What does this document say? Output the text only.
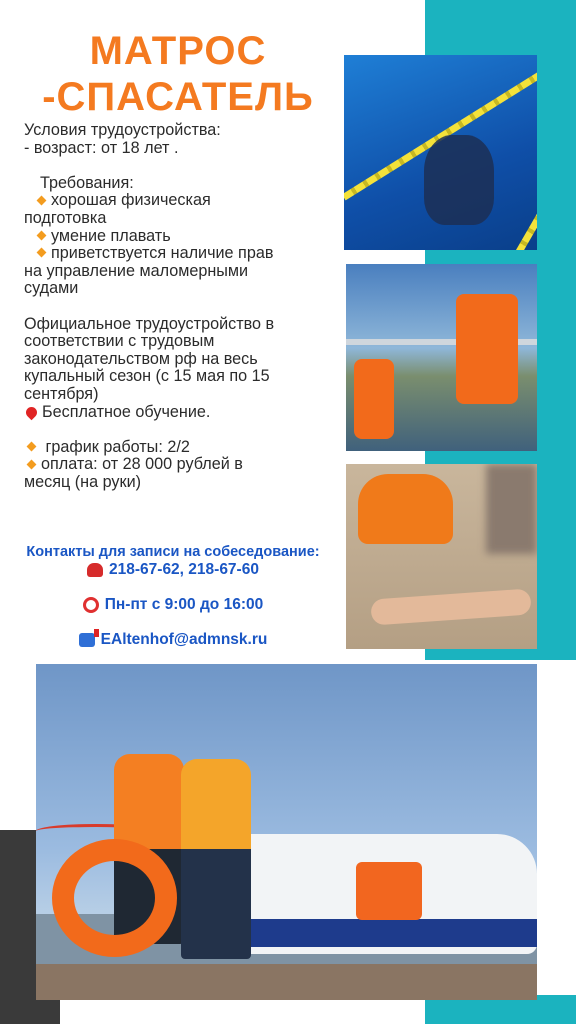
МАТРОС
-СПАСАТЕЛЬ
Условия трудоустройства:
- возраст: от 18 лет .
Требования:
хорошая физическая
подготовка
умение плавать
приветствуется наличие прав
на управление маломерными
судами
Официальное трудоустройство в
соответствии с трудовым
законодательством рф на весь
купальный сезон (с 15 мая по 15
сентября)
Бесплатное обучение.
график работы: 2/2
оплата: от 28 000 рублей в
месяц (на руки)
Контакты для записи на собеседование:
218-67-62, 218-67-60
Пн-пт с 9:00 до 16:00
EAltenhof@admnsk.ru
